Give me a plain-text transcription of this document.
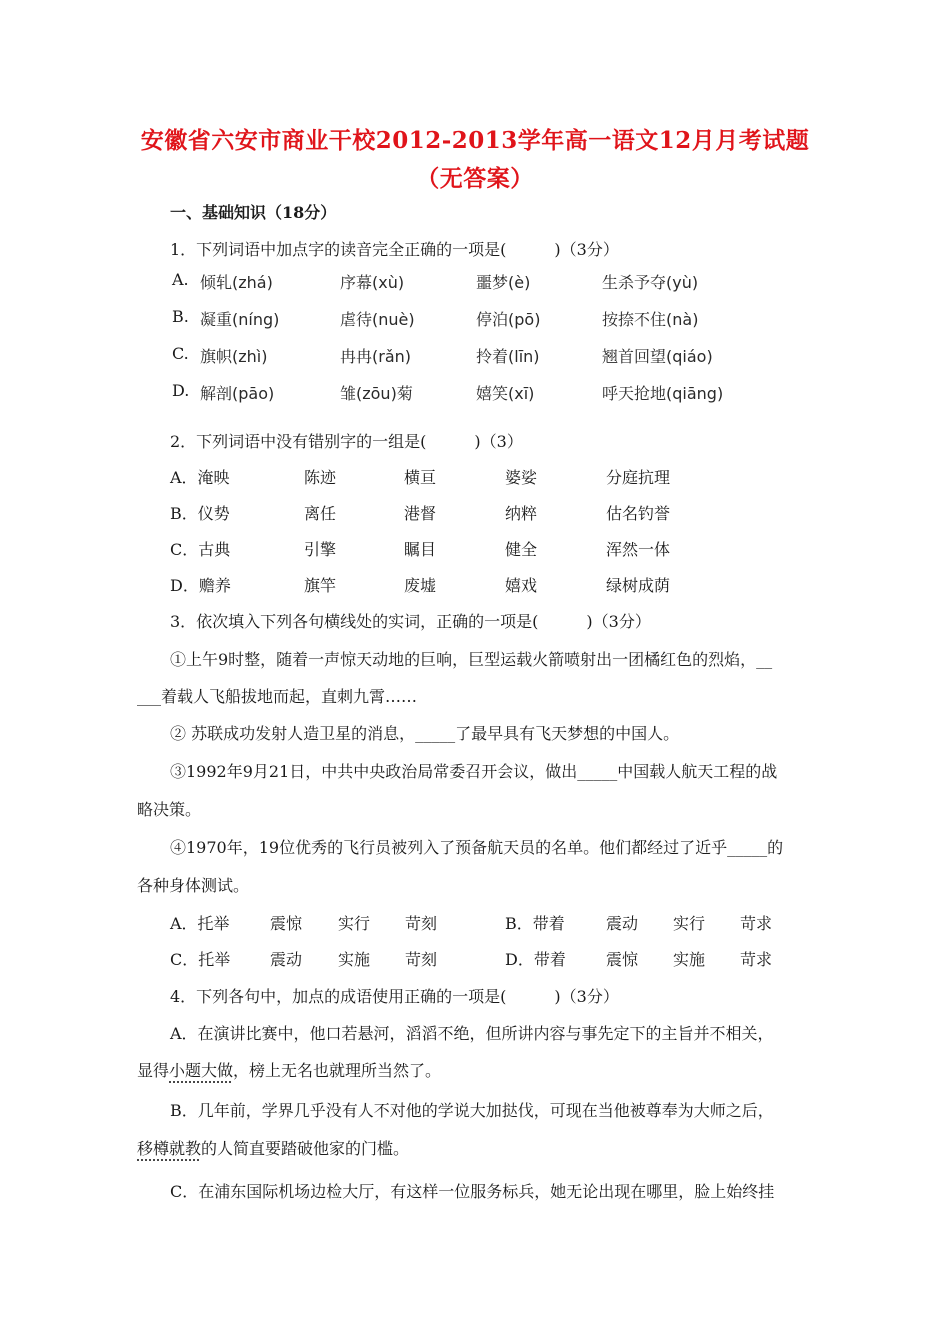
安徽省六安市商业干校2012-2013学年高一语文12月月考试题（无答案）
一、基础知识（18分）
1．下列词语中加点字的读音完全正确的一项是(　　　)（3分）
A. 倾轧(zhá)	序幕(xù)	噩梦(è)	生杀予夺(yù)
B. 凝重(níng)	虐待(nuè)	停泊(pō)	按捺不住(nà)
C. 旗帜(zhì)	冉冉(rǎn)	拎着(līn)	翘首回望(qiáo)
D. 解剖(pāo)	雏(zōu)菊	嬉笑(xī)	呼天抢地(qiāng)
2．下列词语中没有错别字的一组是(　　　)（3）
A．淹映	陈迹	横亘	婆娑	分庭抗理
B．仪势	离任	港督	纳粹	估名钓誉
C．古典	引擎	瞩目	健全	浑然一体
D．赡养	旗竿	废墟	嬉戏	绿树成荫
3．依次填入下列各句横线处的实词，正确的一项是(　　　)（3分）
①上午9时整，随着一声惊天动地的巨响，巨型运载火箭喷射出一团橘红色的烈焰，__
___着载人飞船拔地而起，直刺九霄……
② 苏联成功发射人造卫星的消息，_____了最早具有飞天梦想的中国人。
③1992年9月21日，中共中央政治局常委召开会议，做出_____中国载人航天工程的战
略决策。
④1970年，19位优秀的飞行员被列入了预备航天员的名单。他们都经过了近乎_____的
各种身体测试。
A．托举	震惊 实行 苛刻	B．带着	震动 实行 苛求
C．托举 震动 实施 苛刻	D．带着	震惊 实施 苛求
4．下列各句中，加点的成语使用正确的一项是(　　　)（3分）
A．在演讲比赛中，他口若悬河，滔滔不绝，但所讲内容与事先定下的主旨并不相关，
显得小题大做，榜上无名也就理所当然了。
B．几年前，学界几乎没有人不对他的学说大加挞伐，可现在当他被尊奉为大师之后，
移樽就教的人简直要踏破他家的门槛。
C．在浦东国际机场边检大厅，有这样一位服务标兵，她无论出现在哪里，脸上始终挂
